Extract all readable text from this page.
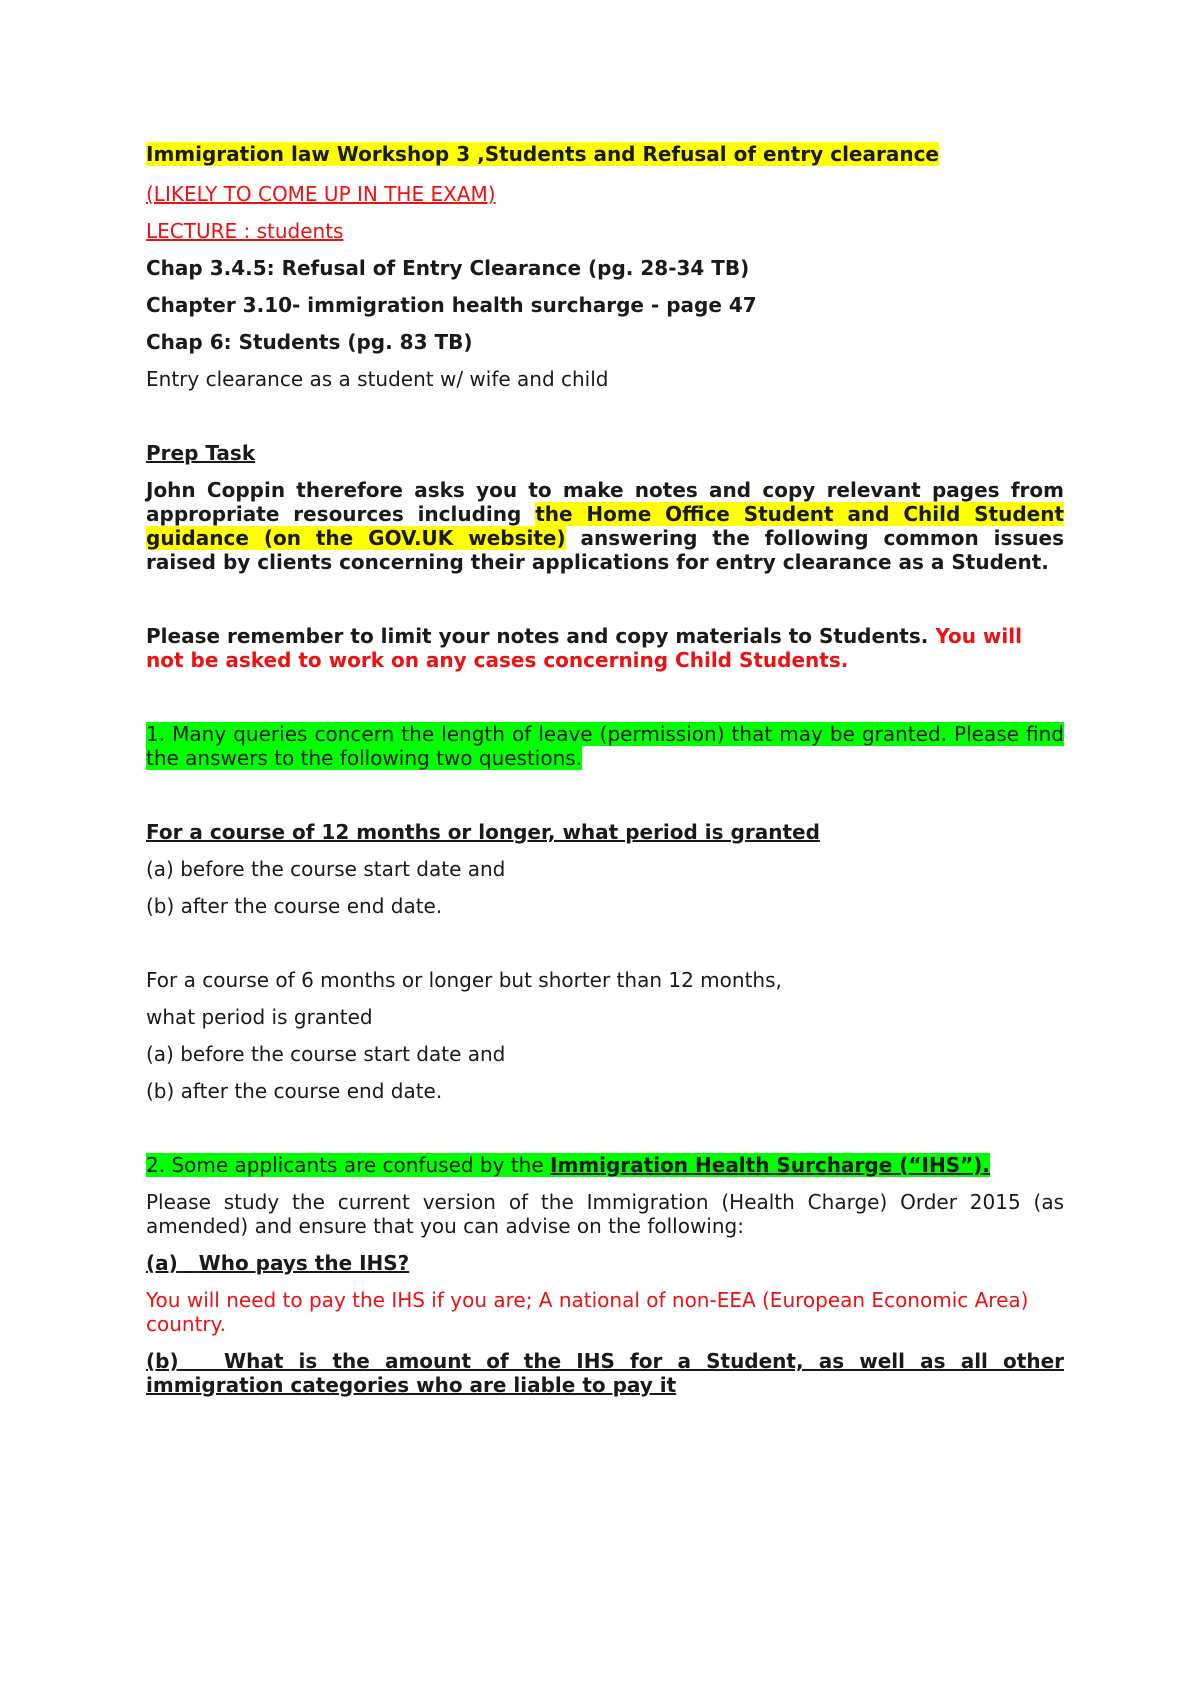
Immigration law Workshop 3 ,Students and Refusal of entry clearance

(LIKELY TO COME UP IN THE EXAM)

LECTURE : students

Chap 3.4.5: Refusal of Entry Clearance (pg. 28-34 TB)

Chapter 3.10- immigration health surcharge - page 47

Chap 6: Students (pg. 83 TB)

Entry clearance as a student w/ wife and child

Prep Task

John Coppin therefore asks you to make notes and copy relevant pages from appropriate resources including the Home Office Student and Child Student guidance (on the GOV.UK website) answering the following common issues raised by clients concerning their applications for entry clearance as a Student.

Please remember to limit your notes and copy materials to Students. You will not be asked to work on any cases concerning Child Students.

1. Many queries concern the length of leave (permission) that may be granted. Please find the answers to the following two questions.

For a course of 12 months or longer, what period is granted

(a) before the course start date and

(b) after the course end date.

For a course of 6 months or longer but shorter than 12 months,

what period is granted

(a) before the course start date and

(b) after the course end date.

2. Some applicants are confused by the Immigration Health Surcharge (“IHS”).

Please study the current version of the Immigration (Health Charge) Order 2015 (as amended) and ensure that you can advise on the following:

(a) Who pays the IHS?

You will need to pay the IHS if you are; A national of non-EEA (European Economic Area) country.

(b) What is the amount of the IHS for a Student, as well as all other immigration categories who are liable to pay it
